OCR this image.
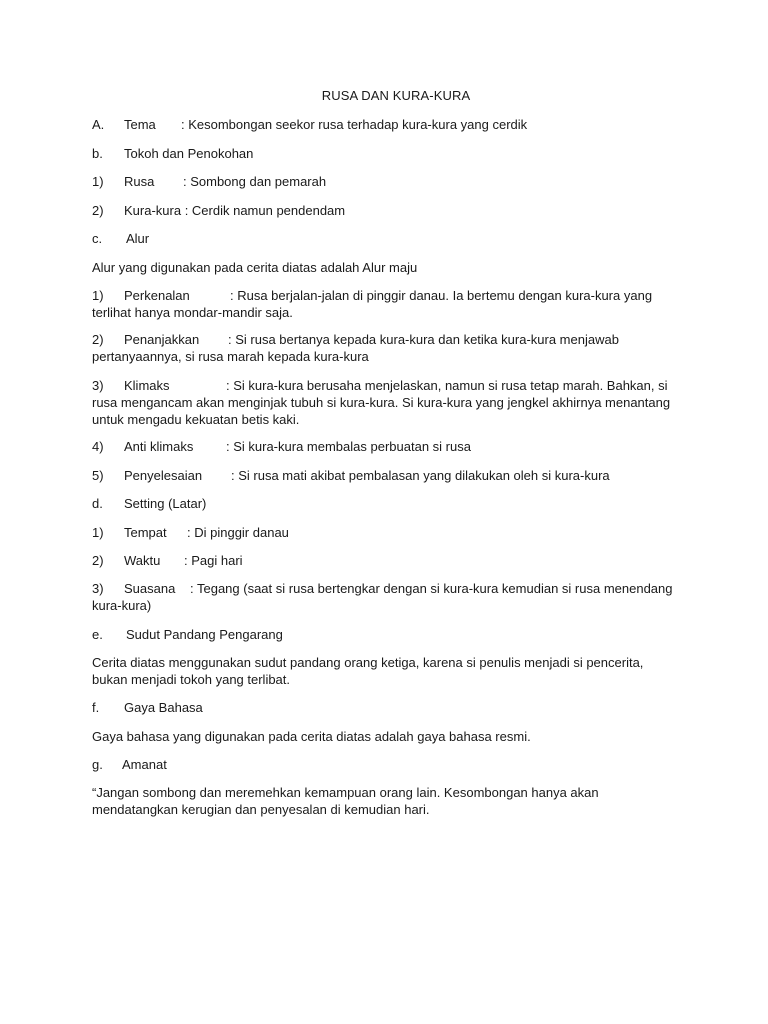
RUSA DAN KURA-KURA
A. Tema : Kesombongan seekor rusa terhadap kura-kura yang cerdik
b. Tokoh dan Penokohan
1) Rusa : Sombong dan pemarah
2) Kura-kura : Cerdik namun pendendam
c. Alur
Alur yang digunakan pada cerita diatas adalah Alur maju
1) Perkenalan	: Rusa berjalan-jalan di pinggir danau. Ia bertemu dengan kura-kura yang terlihat hanya mondar-mandir saja.
2) Penanjakkan : Si rusa bertanya kepada kura-kura dan ketika kura-kura menjawab pertanyaannya, si rusa marah kepada kura-kura
3) Klimaks	: Si kura-kura berusaha menjelaskan, namun si rusa tetap marah. Bahkan, si rusa mengancam akan menginjak tubuh si kura-kura. Si kura-kura yang jengkel akhirnya menantang untuk mengadu kekuatan betis kaki.
4) Anti klimaks	: Si kura-kura membalas perbuatan si rusa
5) Penyelesaian : Si rusa mati akibat pembalasan yang dilakukan oleh si kura-kura
d. Setting (Latar)
1) Tempat : Di pinggir danau
2) Waktu : Pagi hari
3) Suasana : Tegang (saat si rusa bertengkar dengan si kura-kura kemudian si rusa menendang kura-kura)
e. Sudut Pandang Pengarang
Cerita diatas menggunakan sudut pandang orang ketiga, karena si penulis menjadi si pencerita, bukan menjadi tokoh yang terlibat.
f. Gaya Bahasa
Gaya bahasa yang digunakan pada cerita diatas adalah gaya bahasa resmi.
g. Amanat
“Jangan sombong dan meremehkan kemampuan orang lain. Kesombongan hanya akan mendatangkan kerugian dan penyesalan di kemudian hari.
